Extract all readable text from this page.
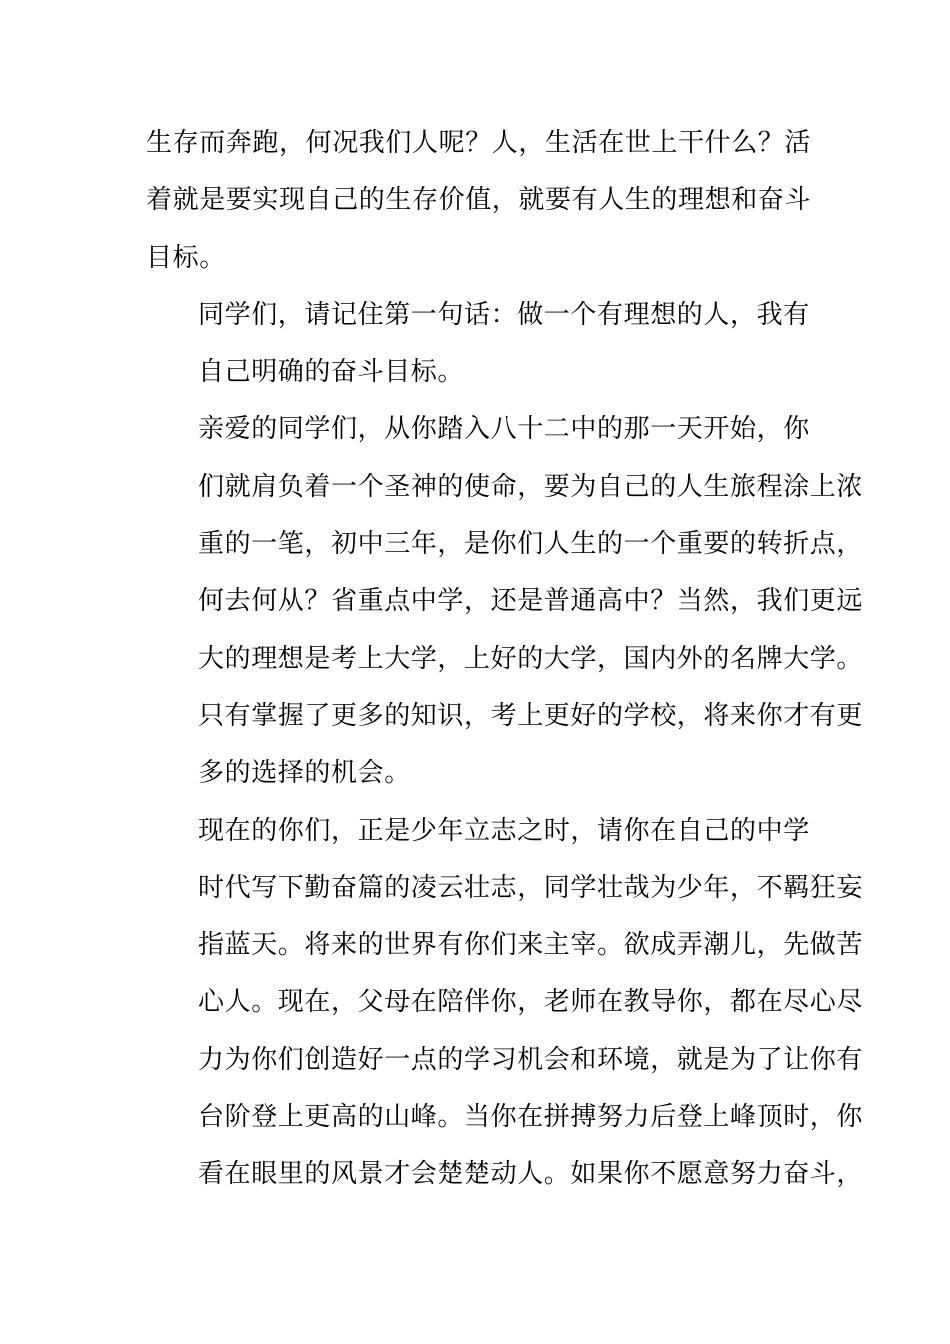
生存而奔跑，何况我们人呢？人，生活在世上干什么？活
着就是要实现自己的生存价值，就要有人生的理想和奋斗
目标。

同学们，请记住第一句话：做一个有理想的人，我有
自己明确的奋斗目标。

亲爱的同学们，从你踏入八十二中的那一天开始，你
们就肩负着一个圣神的使命，要为自己的人生旅程涂上浓
重的一笔，初中三年，是你们人生的一个重要的转折点，
何去何从？省重点中学，还是普通高中？当然，我们更远
大的理想是考上大学，上好的大学，国内外的名牌大学。
只有掌握了更多的知识，考上更好的学校，将来你才有更
多的选择的机会。

现在的你们，正是少年立志之时，请你在自己的中学
时代写下勤奋篇的凌云壮志，同学壮哉为少年，不羁狂妄
指蓝天。将来的世界有你们来主宰。欲成弄潮儿，先做苦
心人。现在，父母在陪伴你，老师在教导你，都在尽心尽
力为你们创造好一点的学习机会和环境，就是为了让你有
台阶登上更高的山峰。当你在拼搏努力后登上峰顶时，你
看在眼里的风景才会楚楚动人。如果你不愿意努力奋斗，
